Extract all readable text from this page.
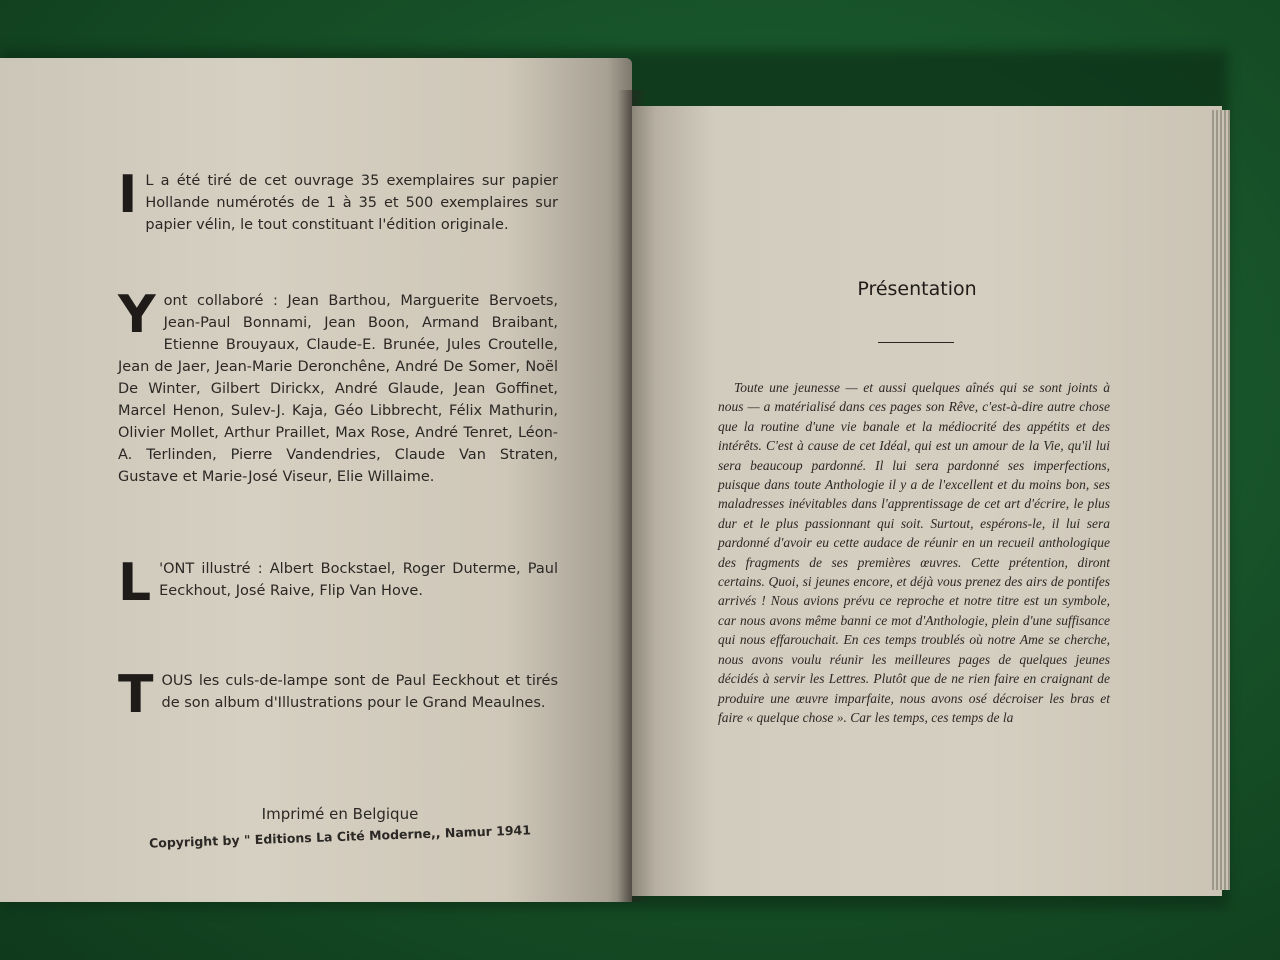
I L a été tiré de cet ouvrage 35 exemplaires sur papier Hollande numérotés de 1 à 35 et 500 exemplaires sur papier vélin, le tout constituant l'édition originale.

Y ont collaboré : Jean Barthou, Marguerite Bervoets, Jean-Paul Bonnami, Jean Boon, Armand Braibant, Etienne Brouyaux, Claude-E. Brunée, Jules Croutelle, Jean de Jaer, Jean-Marie Deronchêne, André De Somer, Noël De Winter, Gilbert Dirickx, André Glaude, Jean Goffinet, Marcel Henon, Sulev-J. Kaja, Géo Libbrecht, Félix Mathurin, Olivier Mollet, Arthur Praillet, Max Rose, André Tenret, Léon-A. Terlinden, Pierre Vandendries, Claude Van Straten, Gustave et Marie-José Viseur, Elie Willaime.

L 'ONT illustré : Albert Bockstael, Roger Duterme, Paul Eeckhout, José Raive, Flip Van Hove.

T OUS les culs-de-lampe sont de Paul Eeckhout et tirés de son album d'Illustrations pour le Grand Meaulnes.

Imprimé en Belgique
Copyright by " Editions La Cité Moderne,, Namur 1941
Présentation
Toute une jeunesse — et aussi quelques aînés qui se sont joints à nous — a matérialisé dans ces pages son Rêve, c'est-à-dire autre chose que la routine d'une vie banale et la médiocrité des appétits et des intérêts. C'est à cause de cet Idéal, qui est un amour de la Vie, qu'il lui sera beaucoup pardonné. Il lui sera pardonné ses imperfections, puisque dans toute Anthologie il y a de l'excellent et du moins bon, ses maladresses inévitables dans l'apprentissage de cet art d'écrire, le plus dur et le plus passionnant qui soit. Surtout, espérons-le, il lui sera pardonné d'avoir eu cette audace de réunir en un recueil anthologique des fragments de ses premières œuvres. Cette prétention, diront certains. Quoi, si jeunes encore, et déjà vous prenez des airs de pontifes arrivés ! Nous avions prévu ce reproche et notre titre est un symbole, car nous avons même banni ce mot d'Anthologie, plein d'une suffisance qui nous effarouchait. En ces temps troublés où notre Ame se cherche, nous avons voulu réunir les meilleures pages de quelques jeunes décidés à servir les Lettres. Plutôt que de ne rien faire en craignant de produire une œuvre imparfaite, nous avons osé décroiser les bras et faire « quelque chose ». Car les temps, ces temps de la
